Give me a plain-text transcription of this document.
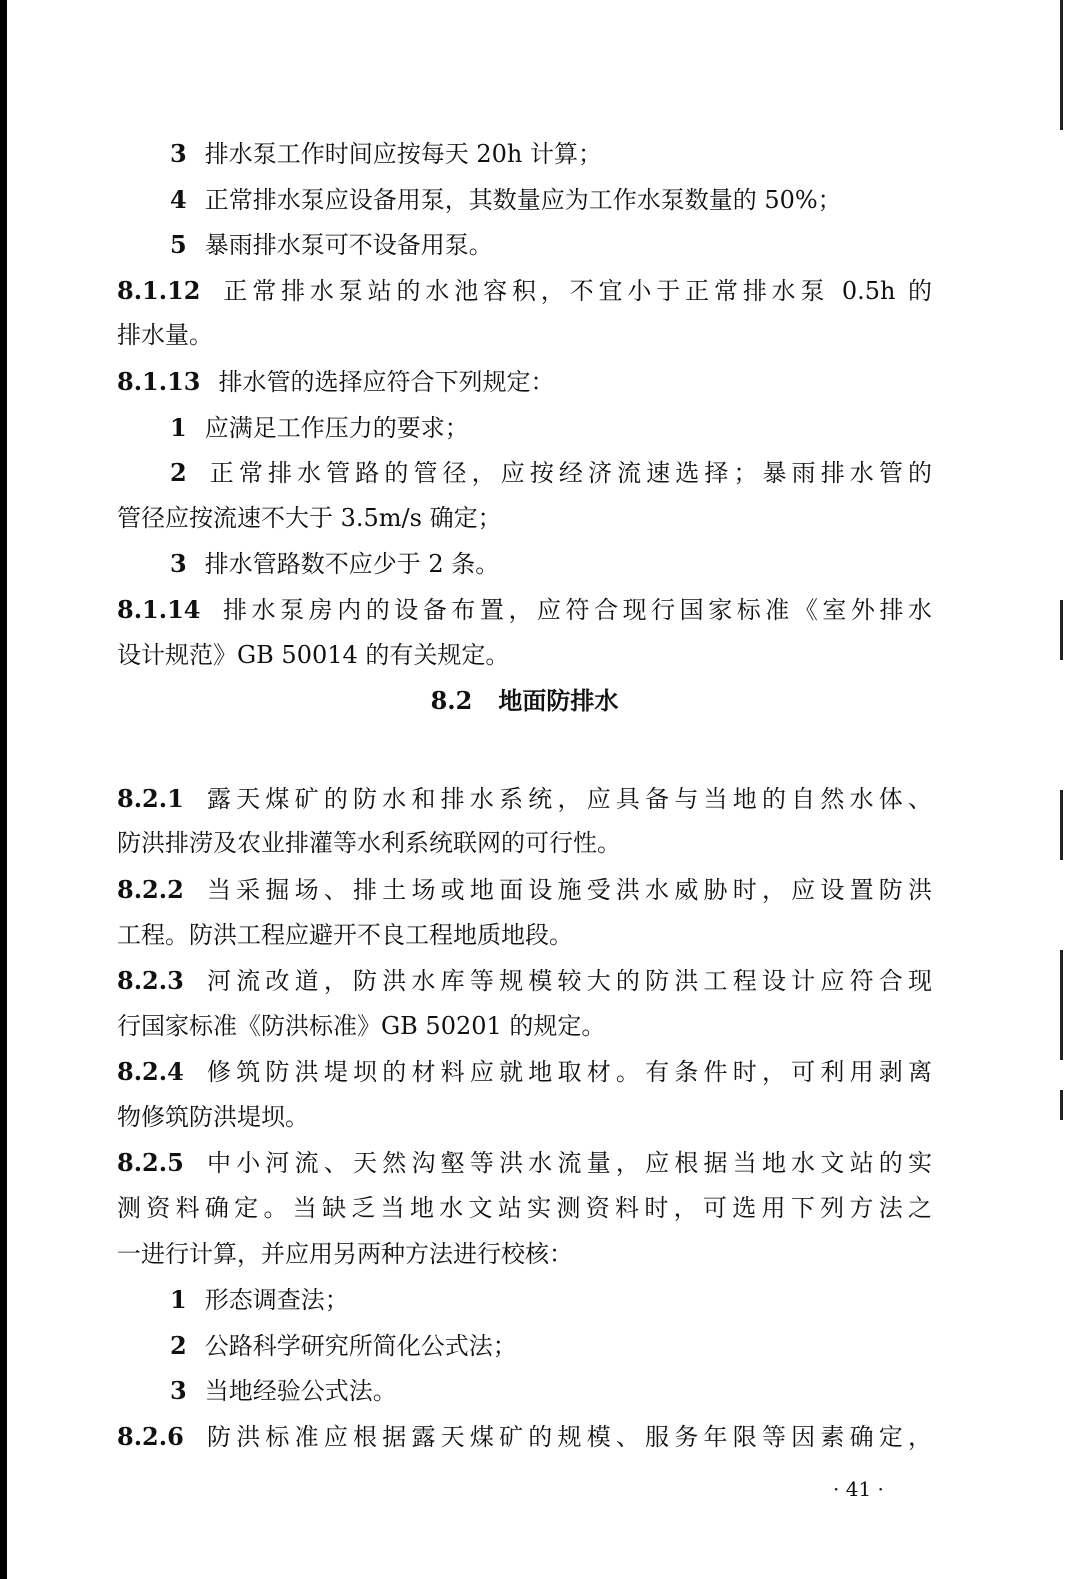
3 排水泵工作时间应按每天 20h 计算；
4 正常排水泵应设备用泵，其数量应为工作水泵数量的 50%；
5 暴雨排水泵可不设备用泵。
8.1.12 正常排水泵站的水池容积，不宜小于正常排水泵 0.5h 的
排水量。
8.1.13 排水管的选择应符合下列规定：
1 应满足工作压力的要求；
2 正常排水管路的管径，应按经济流速选择；暴雨排水管的
管径应按流速不大于 3.5m/s 确定；
3 排水管路数不应少于 2 条。
8.1.14 排水泵房内的设备布置，应符合现行国家标准《室外排水
设计规范》GB 50014 的有关规定。
8.2 地面防排水
8.2.1 露天煤矿的防水和排水系统，应具备与当地的自然水体、
防洪排涝及农业排灌等水利系统联网的可行性。
8.2.2 当采掘场、排土场或地面设施受洪水威胁时，应设置防洪
工程。防洪工程应避开不良工程地质地段。
8.2.3 河流改道，防洪水库等规模较大的防洪工程设计应符合现
行国家标准《防洪标准》GB 50201 的规定。
8.2.4 修筑防洪堤坝的材料应就地取材。有条件时，可利用剥离
物修筑防洪堤坝。
8.2.5 中小河流、天然沟壑等洪水流量，应根据当地水文站的实
测资料确定。当缺乏当地水文站实测资料时，可选用下列方法之
一进行计算，并应用另两种方法进行校核：
1 形态调查法；
2 公路科学研究所简化公式法；
3 当地经验公式法。
8.2.6 防洪标准应根据露天煤矿的规模、服务年限等因素确定，
· 41 ·
